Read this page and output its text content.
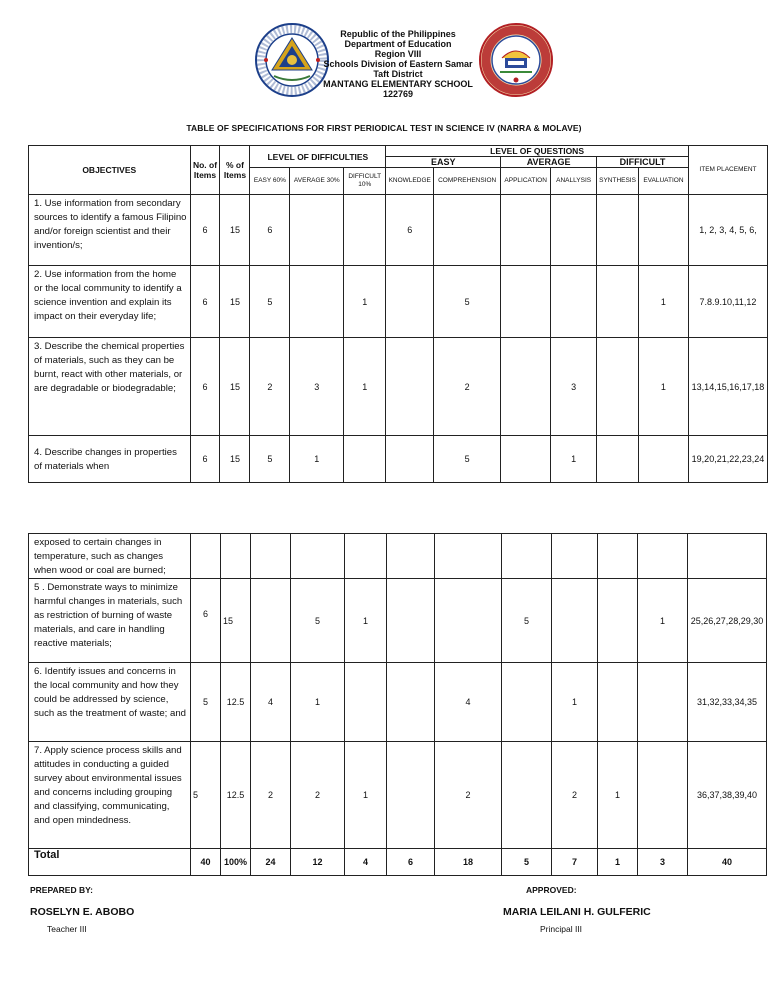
Republic of the Philippines
Department of Education
Region VIII
Schools Division of Eastern Samar
Taft District
MANTANG ELEMENTARY SCHOOL
122769
TABLE OF SPECIFICATIONS FOR FIRST PERIODICAL TEST IN SCIENCE IV (NARRA & MOLAVE)
OBJECTIVES	No. of Items	% of Items	LEVEL OF DIFFICULTIES			LEVEL OF QUESTIONS						ITEM PLACEMENT
						EASY		AVERAGE		DIFFICULT		
			EASY 60%	AVERAGE 30%	DIFFICULT 10%	KNOWLEDGE	COMPREHENSION	APPLICATION	ANALLYSIS	SYNTHESIS	EVALUATION	
1. Use information from secondary sources to identify a famous Filipino and/or foreign scientist and their invention/s;	6	15	6			6						1, 2, 3, 4, 5, 6,
2. Use information from the home or the local community to identify a science invention and explain its impact on their everyday life;	6	15	5		1		5				1	7.8.9.10,11,12
3. Describe the chemical properties of materials, such as they can be burnt, react with other materials, or are degradable or biodegradable;	6	15	2	3	1		2		3		1	13,14,15,16,17,18
4. Describe changes in properties of materials when	6	15	5	1			5		1			19,20,21,22,23,24
exposed to certain changes in temperature, such as changes when wood or coal are burned;												
5 . Demonstrate ways to minimize harmful changes in materials, such as restriction of burning of waste materials, and care in handling reactive materials;	6	15		5	1			5			1	25,26,27,28,29,30
6. Identify issues and concerns in the local community and how they could be addressed by science, such as the treatment of waste; and	5	12.5	4	1			4		1			31,32,33,34,35
7. Apply science process skills and attitudes in conducting a guided survey about environmental issues and concerns including grouping and classifying, communicating, and open mindedness.	5	12.5	2	2	1		2		2	1		36,37,38,39,40
Total	40	100%	24	12	4	6	18	5	7	1	3	40
PREPARED BY:
ROSELYN E. ABOBO
Teacher III
APPROVED:
MARIA LEILANI H. GULFERIC
Principal III
